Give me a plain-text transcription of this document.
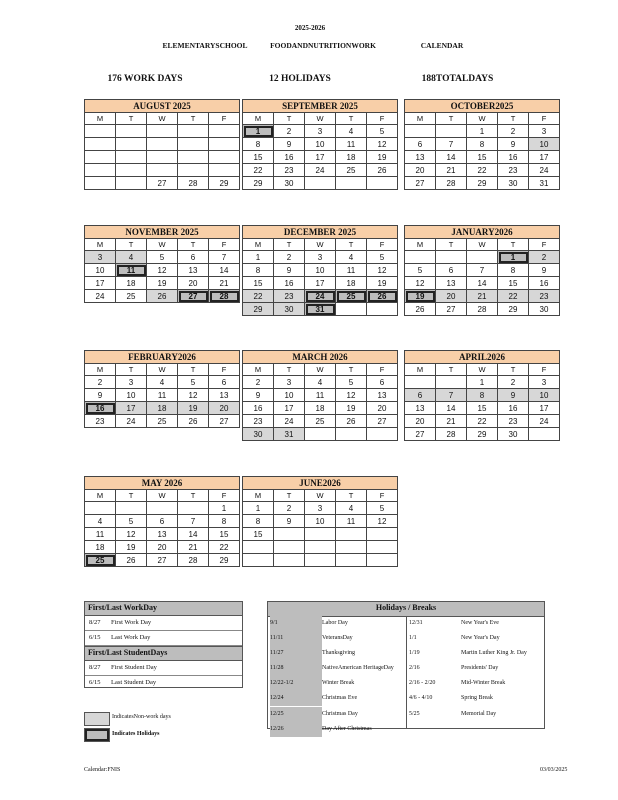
2025-2026
ELEMENTARYSCHOOL	FOODANDNUTRITIONWORK	CALENDAR
176 WORK DAYS	12 HOLIDAYS	188TOTALDAYS
AUGUST 2025				
M	T	W	T	F

		27	28	29
SEPTEMBER 2025				
M	T	W	T	F
1	2	3	4	5
8	9	10	11	12
15	16	17	18	19
22	23	24	25	26
29	30			
OCTOBER2025				
M	T	W	T	F
		1	2	3
6	7	8	9	10
13	14	15	16	17
20	21	22	23	24
27	28	29	30	31
NOVEMBER 2025				
M	T	W	T	F
3	4	5	6	7
10	11	12	13	14
17	18	19	20	21
24	25	26	27	28
DECEMBER 2025				
M	T	W	T	F
1	2	3	4	5
8	9	10	11	12
15	16	17	18	19
22	23	24	25	26
29	30	31		
JANUARY2026				
M	T	W	T	F
			1	2
5	6	7	8	9
12	13	14	15	16
19	20	21	22	23
26	27	28	29	30
FEBRUARY2026				
M	T	W	T	F
2	3	4	5	6
9	10	11	12	13
16	17	18	19	20
23	24	25	26	27
MARCH 2026				
M	T	W	T	F
2	3	4	5	6
9	10	11	12	13
16	17	18	19	20
23	24	25	26	27
30	31			
APRIL2026				
M	T	W	T	F
		1	2	3
6	7	8	9	10
13	14	15	16	17
20	21	22	23	24
27	28	29	30	
MAY 2026				
M	T	W	T	F
				1
4	5	6	7	8
11	12	13	14	15
18	19	20	21	22
25	26	27	28	29
JUNE2026				
M	T	W	T	F
1	2	3	4	5
8	9	10	11	12
15				

First/Last WorkDay
8/27 First Work Day
6/15 Last Work Day
First/Last StudentDays
8/27 First Student Day
6/15 Last Student Day
Holidays / Breaks
9/1	Labor Day
11/11	VeteransDay
11/27	Thanksgiving
11/28	NativeAmerican HeritageDay
12/22-1/2	Winter Break
12/24	Christmas Eve
12/25	Christmas Day
12/26	Day After Christmas
12/31	New Year's Eve
1/1	New Year's Day
1/19	Martin Luther King Jr. Day
2/16	Presidents' Day
2/16 - 2/20	Mid-Winter Break
4/6 - 4/10	Spring Break
5/25	Memorial Day
IndicatesNon-work days
Indicates Holidays
Calendar:FNIS	03/03/2025
